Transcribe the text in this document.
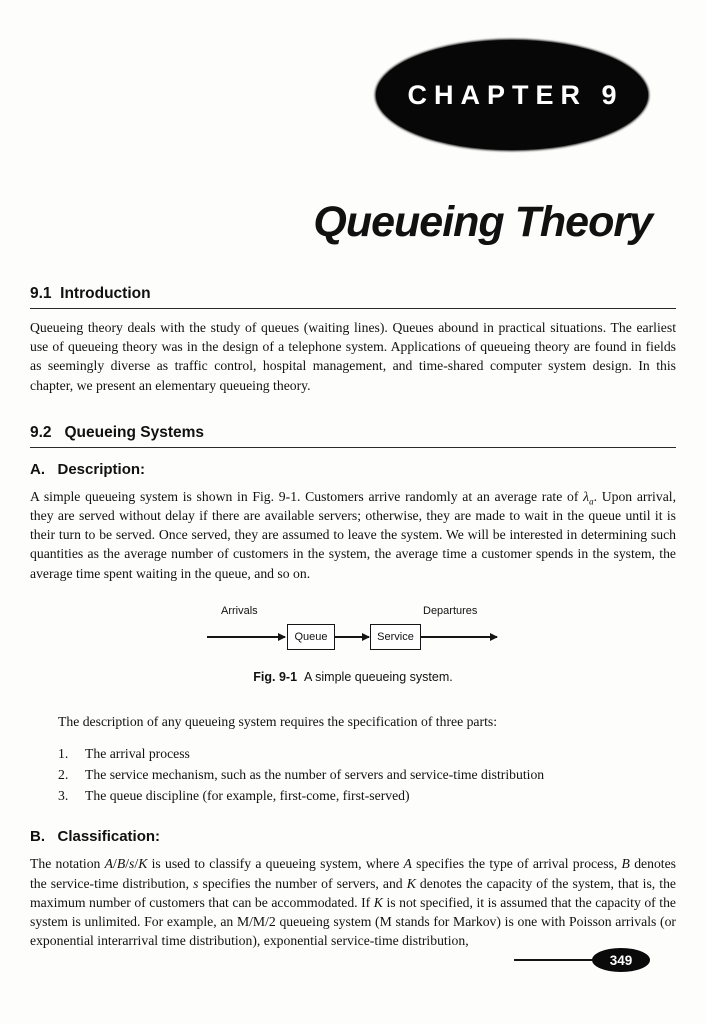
CHAPTER 9
Queueing Theory
9.1  Introduction

Queueing theory deals with the study of queues (waiting lines). Queues abound in practical situations. The earliest use of queueing theory was in the design of a telephone system. Applications of queueing theory are found in fields as seemingly diverse as traffic control, hospital management, and time-shared computer system design. In this chapter, we present an elementary queueing theory.

9.2   Queueing Systems
A.   Description:

A simple queueing system is shown in Fig. 9-1. Customers arrive randomly at an average rate of $\lambda_a$. Upon arrival, they are served without delay if there are available servers; otherwise, they are made to wait in the queue until it is their turn to be served. Once served, they are assumed to leave the system. We will be interested in determining such quantities as the average number of customers in the system, the average time a customer spends in the system, the average time spent waiting in the queue, and so on.

Arrivals	Departures
Queue	Service
Fig. 9-1 A simple queueing system.

The description of any queueing system requires the specification of three parts:

1.	The arrival process
2.	The service mechanism, such as the number of servers and service-time distribution
3.	The queue discipline (for example, first-come, first-served)
B.   Classification:

The notation A/B/s/K is used to classify a queueing system, where A specifies the type of arrival process, B denotes the service-time distribution, s specifies the number of servers, and K denotes the capacity of the system, that is, the maximum number of customers that can be accommodated. If K is not specified, it is assumed that the capacity of the system is unlimited. For example, an M/M/2 queueing system (M stands for Markov) is one with Poisson arrivals (or exponential interarrival time distribution), exponential service-time distribution,

349
